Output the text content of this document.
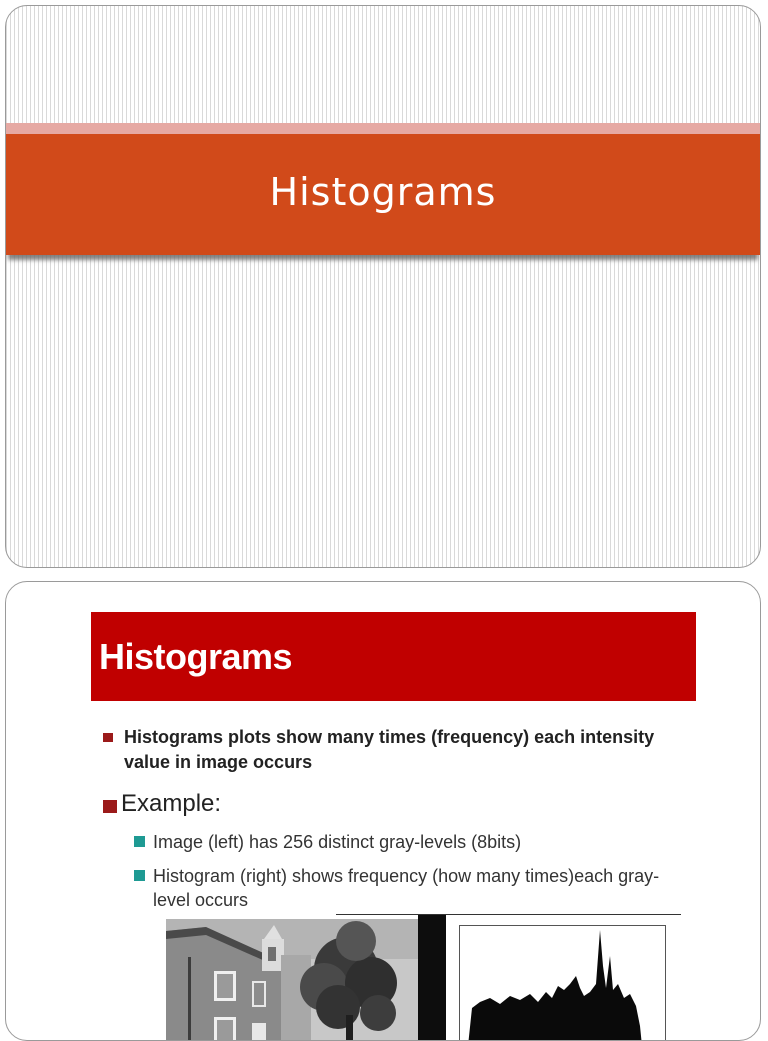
Histograms
Histograms
Histograms plots show many times (frequency) each intensity value in image occurs
Example:
Image (left) has 256 distinct gray-levels (8bits)
Histogram (right) shows frequency (how many times)each gray-level occurs
